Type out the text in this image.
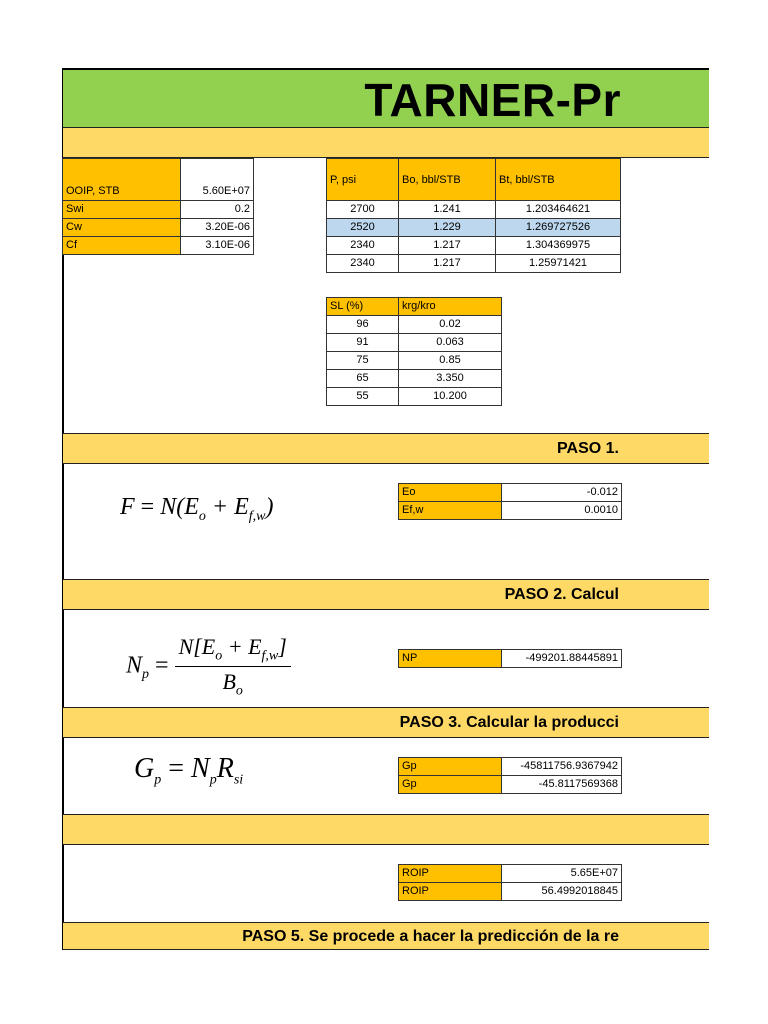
TARNER-Pr
OOIP, STB	5.60E+07
Swi	0.2
Cw	3.20E-06
Cf	3.10E-06
P, psi	Bo, bbl/STB	Bt, bbl/STB
2700	1.241	1.203464621
2520	1.229	1.269727526
2340	1.217	1.304369975
2340	1.217	1.25971421
SL (%)	krg/kro
96	0.02
91	0.063
75	0.85
65	3.350
55	10.200
PASO 1.
$F = N(E_o + E_{f,w})$
Eo	-0.012
Ef,w	0.0010
PASO 2. Calcul
$N_p = \frac{N[E_o + E_{f,w}]}{B_o}$	NP	-499201.88445891
PASO 3. Calcular la producci
$G_p = N_pR_{si}$
Gp	-45811756.9367942
Gp	-45.8117569368
ROIP	5.65E+07
ROIP	56.4992018845
PASO 5. Se procede a hacer la predicción de la re
